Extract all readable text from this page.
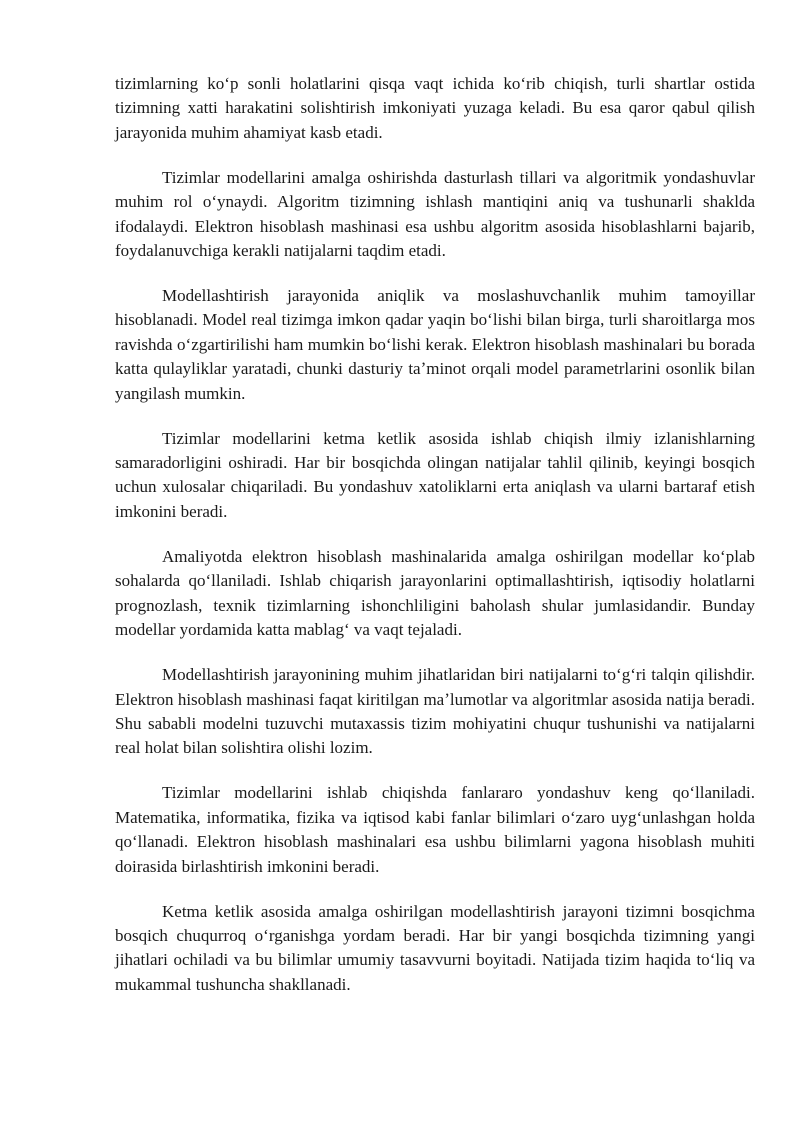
tizimlarning koʻp sonli holatlarini qisqa vaqt ichida koʻrib chiqish, turli shartlar ostida tizimning xatti harakatini solishtirish imkoniyati yuzaga keladi. Bu esa qaror qabul qilish jarayonida muhim ahamiyat kasb etadi.

Tizimlar modellarini amalga oshirishda dasturlash tillari va algoritmik yondashuvlar muhim rol oʻynaydi. Algoritm tizimning ishlash mantiqini aniq va tushunarli shaklda ifodalaydi. Elektron hisoblash mashinasi esa ushbu algoritm asosida hisoblashlarni bajarib, foydalanuvchiga kerakli natijalarni taqdim etadi.

Modellashtirish jarayonida aniqlik va moslashuvchanlik muhim tamoyillar hisoblanadi. Model real tizimga imkon qadar yaqin boʻlishi bilan birga, turli sharoitlarga mos ravishda oʻzgartirilishi ham mumkin boʻlishi kerak. Elektron hisoblash mashinalari bu borada katta qulayliklar yaratadi, chunki dasturiy taʼminot orqali model parametrlarini osonlik bilan yangilash mumkin.

Tizimlar modellarini ketma ketlik asosida ishlab chiqish ilmiy izlanishlarning samaradorligini oshiradi. Har bir bosqichda olingan natijalar tahlil qilinib, keyingi bosqich uchun xulosalar chiqariladi. Bu yondashuv xatoliklarni erta aniqlash va ularni bartaraf etish imkonini beradi.

Amaliyotda elektron hisoblash mashinalarida amalga oshirilgan modellar koʻplab sohalarda qoʻllaniladi. Ishlab chiqarish jarayonlarini optimallashtirish, iqtisodiy holatlarni prognozlash, texnik tizimlarning ishonchliligini baholash shular jumlasidandir. Bunday modellar yordamida katta mablagʻ va vaqt tejaladi.

Modellashtirish jarayonining muhim jihatlaridan biri natijalarni toʻgʻri talqin qilishdir. Elektron hisoblash mashinasi faqat kiritilgan maʼlumotlar va algoritmlar asosida natija beradi. Shu sababli modelni tuzuvchi mutaxassis tizim mohiyatini chuqur tushunishi va natijalarni real holat bilan solishtira olishi lozim.

Tizimlar modellarini ishlab chiqishda fanlararo yondashuv keng qoʻllaniladi. Matematika, informatika, fizika va iqtisod kabi fanlar bilimlari oʻzaro uygʻunlashgan holda qoʻllanadi. Elektron hisoblash mashinalari esa ushbu bilimlarni yagona hisoblash muhiti doirasida birlashtirish imkonini beradi.

Ketma ketlik asosida amalga oshirilgan modellashtirish jarayoni tizimni bosqichma bosqich chuqurroq oʻrganishga yordam beradi. Har bir yangi bosqichda tizimning yangi jihatlari ochiladi va bu bilimlar umumiy tasavvurni boyitadi. Natijada tizim haqida toʻliq va mukammal tushuncha shakllanadi.
